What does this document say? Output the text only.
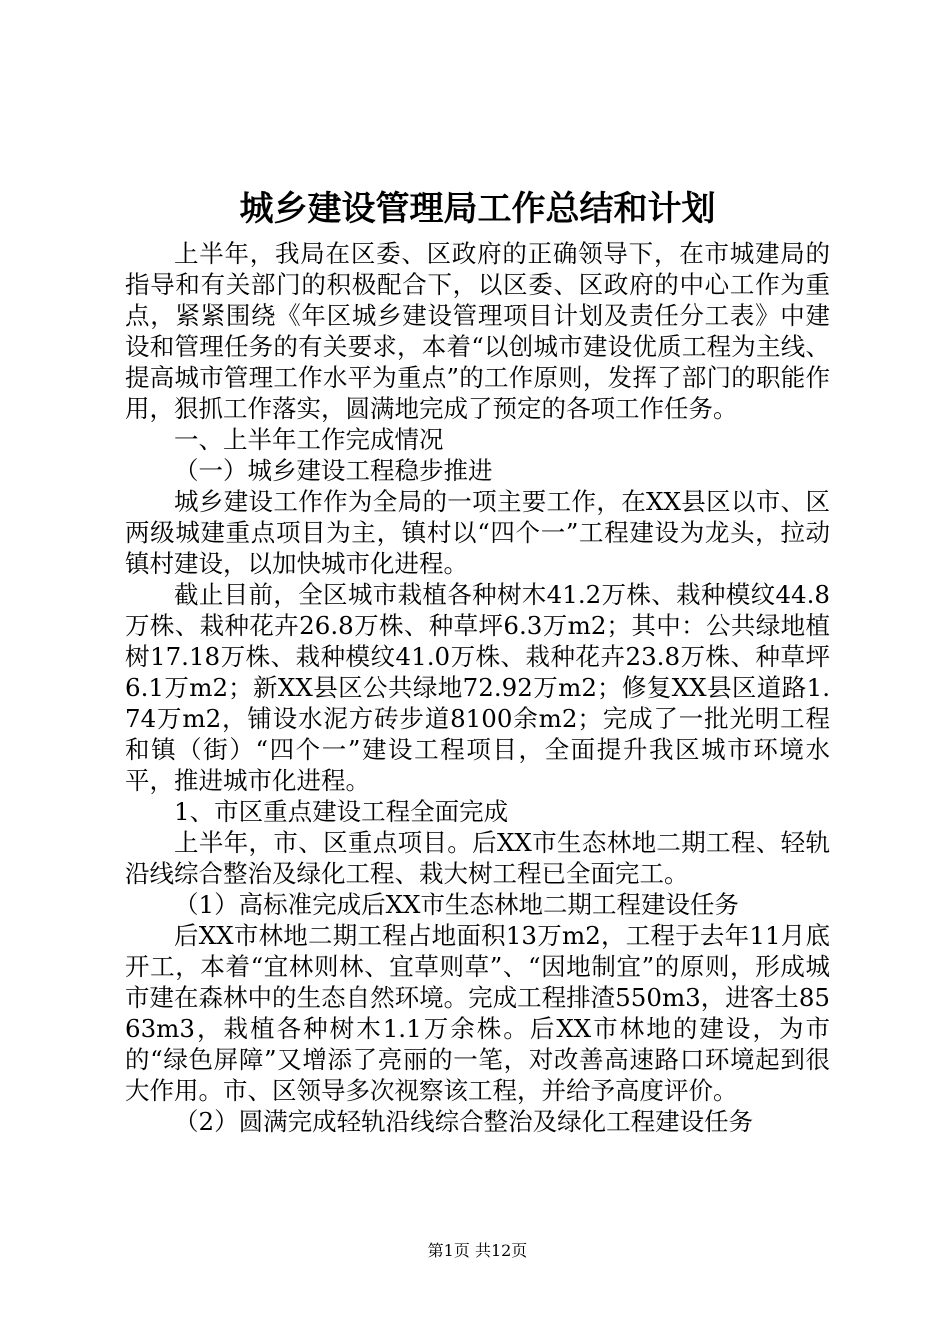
城乡建设管理局工作总结和计划

上半年，我局在区委、区政府的正确领导下，在市城建局的指导和有关部门的积极配合下，以区委、区政府的中心工作为重点，紧紧围绕《年区城乡建设管理项目计划及责任分工表》中建设和管理任务的有关要求，本着“以创城市建设优质工程为主线、提高城市管理工作水平为重点”的工作原则，发挥了部门的职能作用，狠抓工作落实，圆满地完成了预定的各项工作任务。

一、上半年工作完成情况

（一）城乡建设工程稳步推进

城乡建设工作作为全局的一项主要工作，在XX县区以市、区两级城建重点项目为主，镇村以“四个一”工程建设为龙头，拉动镇村建设，以加快城市化进程。

截止目前，全区城市栽植各种树木41.2万株、栽种模纹44.8万株、栽种花卉26.8万株、种草坪6.3万m2；其中：公共绿地植树17.18万株、栽种模纹41.0万株、栽种花卉23.8万株、种草坪6.1万m2；新XX县区公共绿地72.92万m2；修复XX县区道路1.74万m2，铺设水泥方砖步道8100余m2；完成了一批光明工程和镇（街）“四个一”建设工程项目，全面提升我区城市环境水平，推进城市化进程。

1、市区重点建设工程全面完成

上半年，市、区重点项目。后XX市生态林地二期工程、轻轨沿线综合整治及绿化工程、栽大树工程已全面完工。

（1）高标准完成后XX市生态林地二期工程建设任务

后XX市林地二期工程占地面积13万m2，工程于去年11月底开工，本着“宜林则林、宜草则草”、“因地制宜”的原则，形成城市建在森林中的生态自然环境。完成工程排渣550m3，进客土8563m3，栽植各种树木1.1万余株。后XX市林地的建设，为市的“绿色屏障”又增添了亮丽的一笔，对改善高速路口环境起到很大作用。市、区领导多次视察该工程，并给予高度评价。

（2）圆满完成轻轨沿线综合整治及绿化工程建设任务

第1页 共12页
